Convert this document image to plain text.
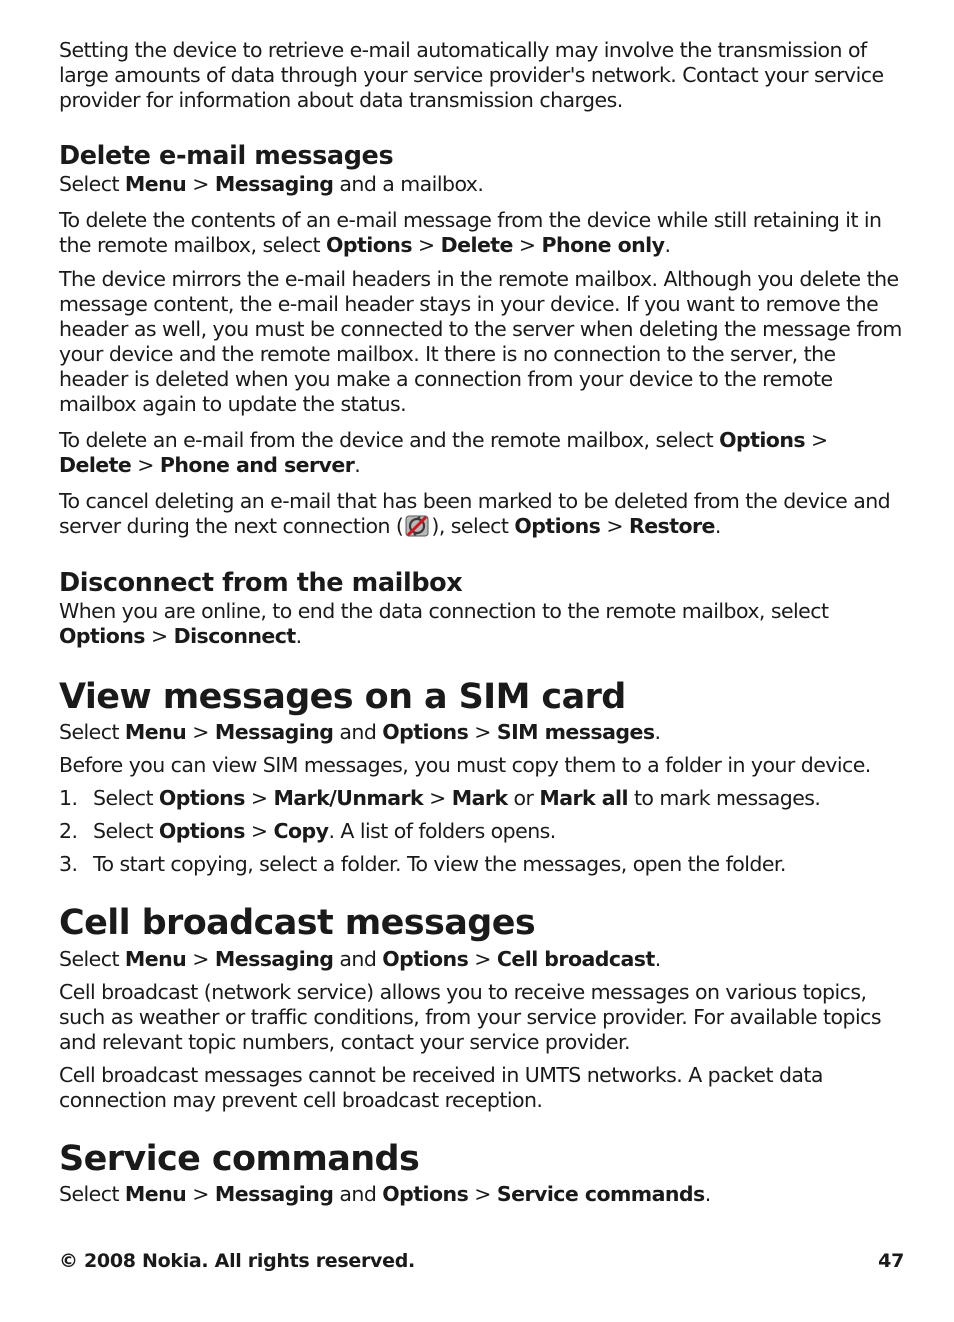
Setting the device to retrieve e-mail automatically may involve the transmission of large amounts of data through your service provider's network. Contact your service provider for information about data transmission charges.

Delete e-mail messages

Select Menu > Messaging and a mailbox.

To delete the contents of an e-mail message from the device while still retaining it in the remote mailbox, select Options > Delete > Phone only.

The device mirrors the e-mail headers in the remote mailbox. Although you delete the message content, the e-mail header stays in your device. If you want to remove the header as well, you must be connected to the server when deleting the message from your device and the remote mailbox. It there is no connection to the server, the header is deleted when you make a connection from your device to the remote mailbox again to update the status.

To delete an e-mail from the device and the remote mailbox, select Options >
Delete > Phone and server.

To cancel deleting an e-mail that has been marked to be deleted from the device and server during the next connection ( ), select Options > Restore.

Disconnect from the mailbox

When you are online, to end the data connection to the remote mailbox, select
Options > Disconnect.

View messages on a SIM card

Select Menu > Messaging and Options > SIM messages.

Before you can view SIM messages, you must copy them to a folder in your device.

1. Select Options > Mark/Unmark > Mark or Mark all to mark messages.
2. Select Options > Copy. A list of folders opens.
3. To start copying, select a folder. To view the messages, open the folder.
Cell broadcast messages

Select Menu > Messaging and Options > Cell broadcast.

Cell broadcast (network service) allows you to receive messages on various topics, such as weather or traffic conditions, from your service provider. For available topics and relevant topic numbers, contact your service provider.

Cell broadcast messages cannot be received in UMTS networks. A packet data connection may prevent cell broadcast reception.

Service commands

Select Menu > Messaging and Options > Service commands.

© 2008 Nokia. All rights reserved.	47
